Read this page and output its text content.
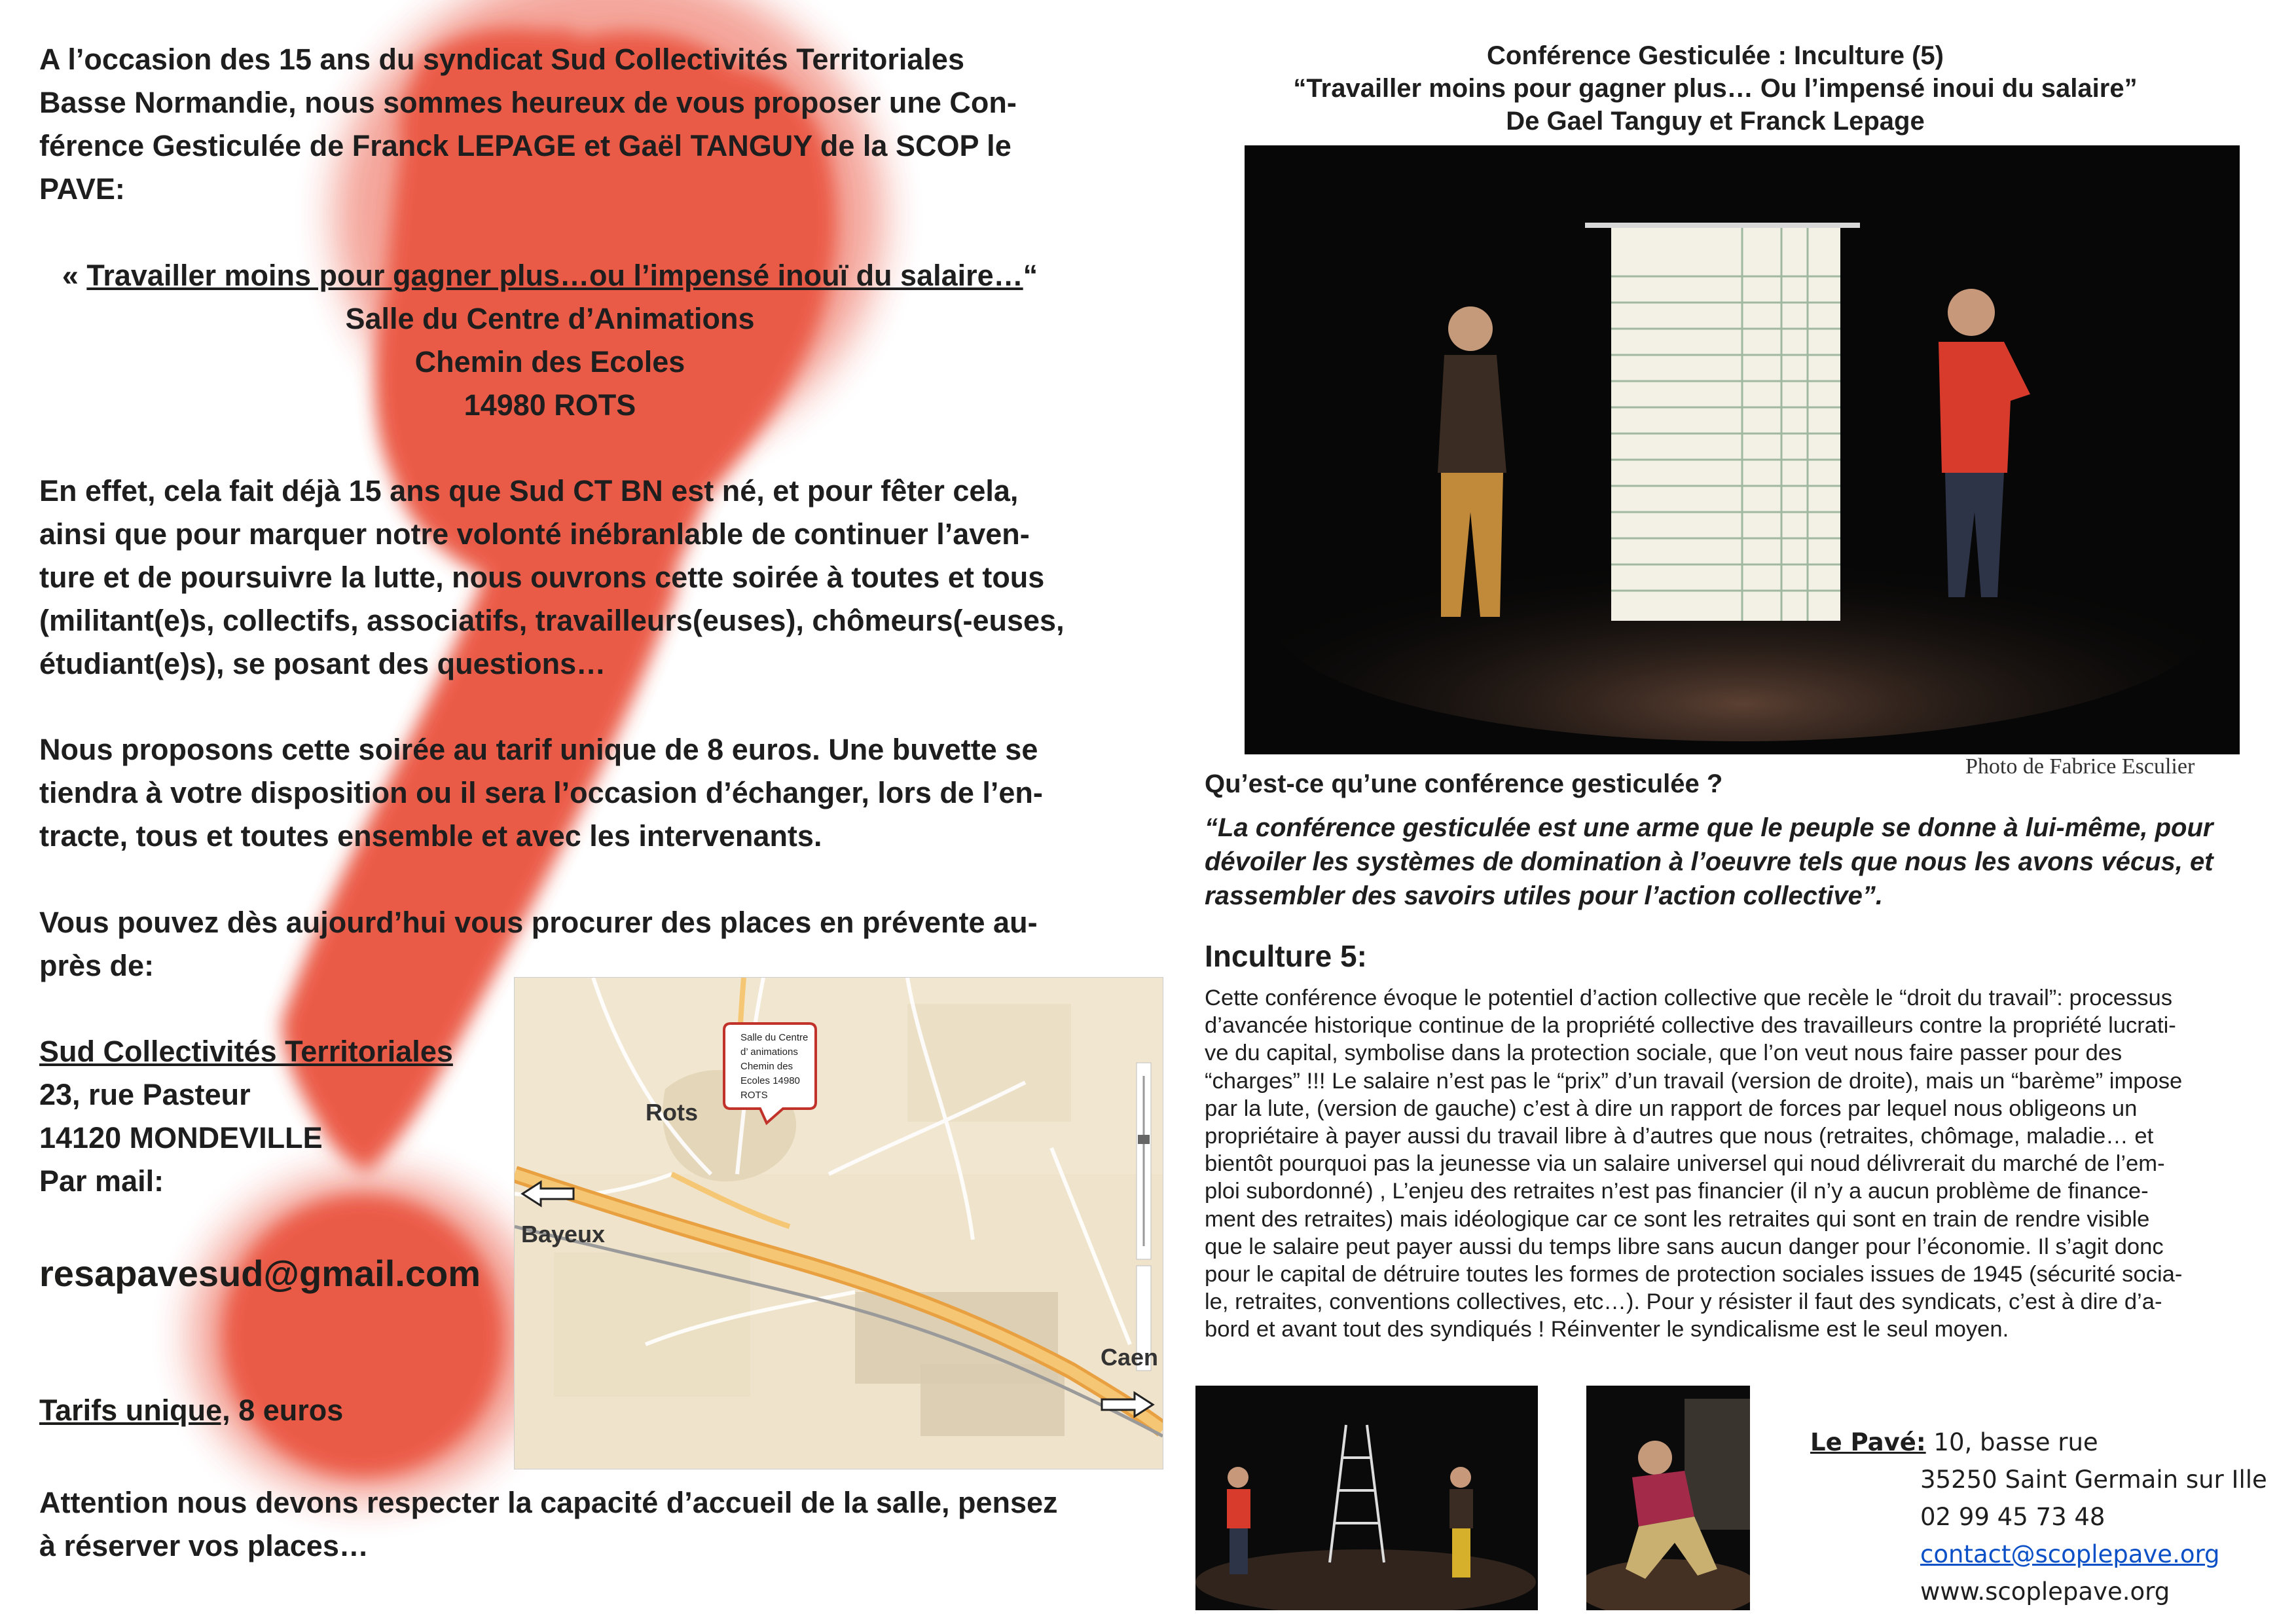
A l’occasion des 15 ans du syndicat Sud Collectivités Territoriales
Basse Normandie, nous sommes heureux de vous proposer une Con-
férence Gesticulée de Franck LEPAGE et Gaël TANGUY de la SCOP le
PAVE:
« Travailler moins pour gagner plus…ou l’impensé inouï du salaire…“
Salle du Centre d’Animations
Chemin des Ecoles
14980 ROTS
En effet, cela fait déjà 15 ans que Sud CT BN est né, et pour fêter cela,
ainsi que pour marquer notre volonté inébranlable de continuer l’aven-
ture et de poursuivre la lutte, nous ouvrons cette soirée à toutes et tous
(militant(e)s, collectifs, associatifs, travailleurs(euses), chômeurs(-euses,
étudiant(e)s), se posant des questions…
Nous proposons cette soirée au tarif unique de 8 euros. Une buvette se
tiendra à votre disposition ou il sera l’occasion d’échanger, lors de l’en-
tracte, tous et toutes ensemble et avec les intervenants.
Vous pouvez dès aujourd’hui vous procurer des places en prévente au-
près de:
Sud Collectivités Territoriales
23, rue Pasteur
14120 MONDEVILLE
Par mail:
resapavesud@gmail.com
Tarifs unique, 8 euros
Attention nous devons respecter la capacité d’accueil de la salle, pensez
à réserver vos places…
Salle du Centre
d’ animations
Chemin des
Ecoles 14980
ROTS
Rots
Bayeux
Caen
Conférence Gesticulée : Inculture (5)
“Travailler moins pour gagner plus… Ou l’impensé inoui du salaire”
De Gael Tanguy et Franck Lepage
Photo de Fabrice Esculier
Qu’est-ce qu’une conférence gesticulée ?
“La conférence gesticulée est une arme que le peuple se donne à lui-même, pour
dévoiler les systèmes de domination à l’oeuvre tels que nous les avons vécus, et
rassembler des savoirs utiles pour l’action collective”.
Inculture 5:
Cette conférence évoque le potentiel d’action collective que recèle le “droit du travail”: processus
d’avancée historique continue de la propriété collective des travailleurs contre la propriété lucrati-
ve du capital, symbolise dans la protection sociale, que l’on veut nous faire passer pour des
“charges” !!! Le salaire n’est pas le “prix” d’un travail (version de droite), mais un “barème” impose
par la lute, (version de gauche) c’est à dire un rapport de forces par lequel nous obligeons un
propriétaire à payer aussi du travail libre à d’autres que nous (retraites, chômage, maladie… et
bientôt pourquoi pas la jeunesse via un salaire universel qui noud délivrerait du marché de l’em-
ploi subordonné) , L’enjeu des retraites n’est pas financier (il n’y a aucun problème de finance-
ment des retraites) mais idéologique car ce sont les retraites qui sont en train de rendre visible
que le salaire peut payer aussi du temps libre sans aucun danger pour l’économie. Il s’agit donc
pour le capital de détruire toutes les formes de protection sociales issues de 1945 (sécurité socia-
le, retraites, conventions collectives, etc…). Pour y résister il faut des syndicats, c’est à dire d’a-
bord et avant tout des syndiqués ! Réinventer le syndicalisme est le seul moyen.
Le Pavé: 10, basse rue
35250 Saint Germain sur Ille
02 99 45 73 48
contact@scoplepave.org
www.scoplepave.org
